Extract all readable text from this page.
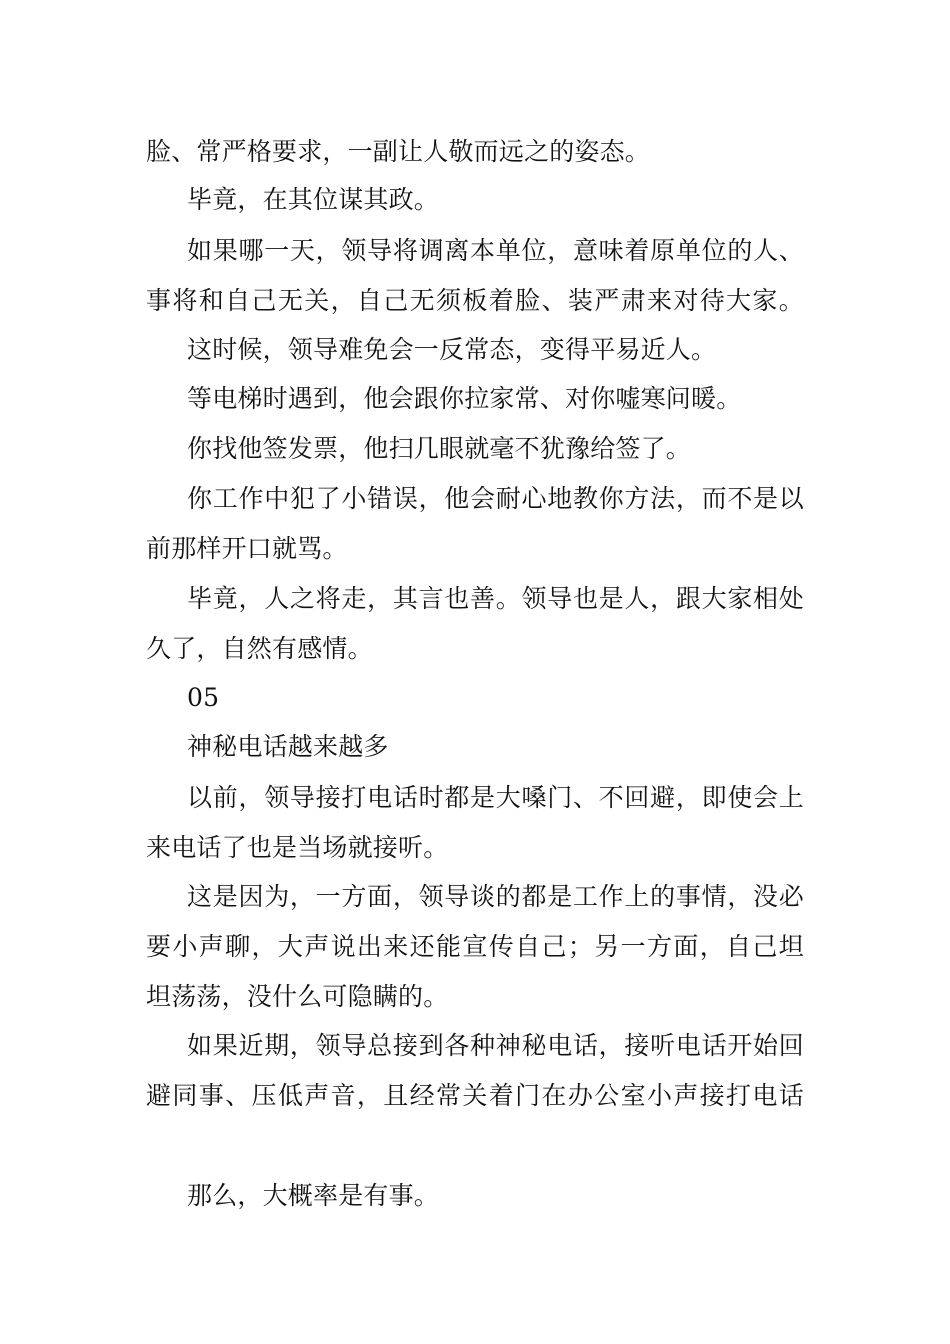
脸、常严格要求，一副让人敬而远之的姿态。
毕竟，在其位谋其政。
如果哪一天，领导将调离本单位，意味着原单位的人、
事将和自己无关，自己无须板着脸、装严肃来对待大家。
这时候，领导难免会一反常态，变得平易近人。
等电梯时遇到，他会跟你拉家常、对你嘘寒问暖。
你找他签发票，他扫几眼就毫不犹豫给签了。
你工作中犯了小错误，他会耐心地教你方法，而不是以
前那样开口就骂。
毕竟，人之将走，其言也善。领导也是人，跟大家相处
久了，自然有感情。
05
神秘电话越来越多
以前，领导接打电话时都是大嗓门、不回避，即使会上
来电话了也是当场就接听。
这是因为，一方面，领导谈的都是工作上的事情，没必
要小声聊，大声说出来还能宣传自己；另一方面，自己坦
坦荡荡，没什么可隐瞒的。
如果近期，领导总接到各种神秘电话，接听电话开始回
避同事、压低声音，且经常关着门在办公室小声接打电话
那么，大概率是有事。
